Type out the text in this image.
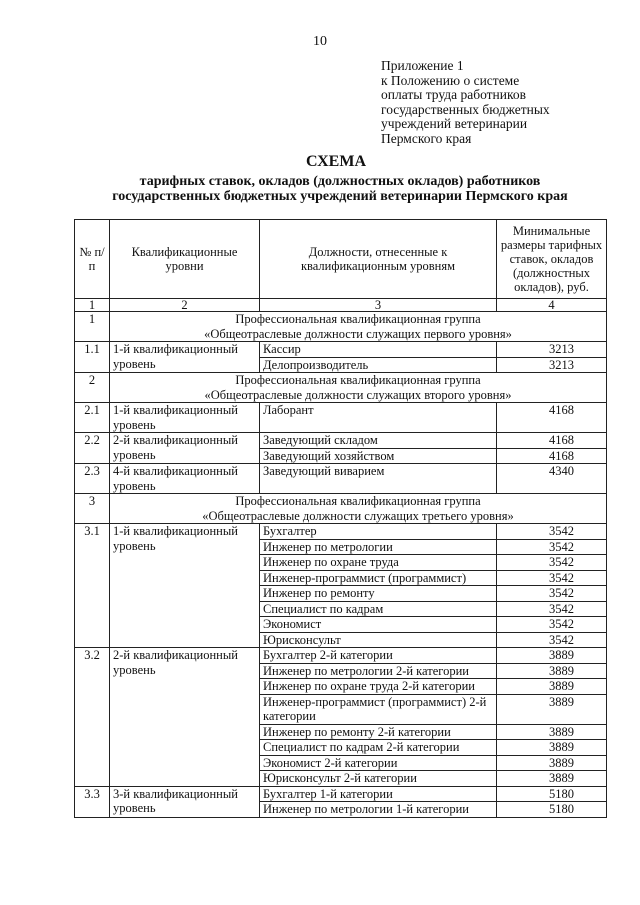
10
Приложение 1
к Положению о системе
оплаты труда работников
государственных бюджетных
учреждений ветеринарии
Пермского края
СХЕМА
тарифных ставок, окладов (должностных окладов) работников
государственных бюджетных учреждений ветеринарии Пермского края
№ п/п	Квалификационные уровни	Должности, отнесенные к квалификационным уровням	Минимальные размеры тарифных ставок, окладов (должностных окладов), руб.
1	2	3	4
1	Профессиональная квалификационная группа
«Общеотраслевые должности служащих первого уровня»		

1.1	1-й квалификационный уровень	Кассир	3213
		Делопроизводитель	3213
2	Профессиональная квалификационная группа
«Общеотраслевые должности служащих второго уровня»		

2.1	1-й квалификационный уровень	Лаборант	4168
2.2	2-й квалификационный уровень	Заведующий складом	4168
		Заведующий хозяйством	4168
2.3	4-й квалификационный уровень	Заведующий виварием	4340
3	Профессиональная квалификационная группа
«Общеотраслевые должности служащих третьего уровня»		

3.1	1-й квалификационный уровень	Бухгалтер	3542
		Инженер по метрологии	3542
		Инженер по охране труда	3542
		Инженер-программист (программист)	3542
		Инженер по ремонту	3542
		Специалист по кадрам	3542
		Экономист	3542
		Юрисконсульт	3542
3.2	2-й квалификационный уровень	Бухгалтер 2-й категории	3889
		Инженер по метрологии 2-й категории	3889
		Инженер по охране труда 2-й категории	3889
		Инженер-программист (программист) 2-й категории	3889
		Инженер по ремонту 2-й категории	3889
		Специалист по кадрам 2-й категории	3889
		Экономист 2-й категории	3889
		Юрисконсульт 2-й категории	3889
3.3	3-й квалификационный уровень	Бухгалтер 1-й категории	5180
		Инженер по метрологии 1-й категории	5180
